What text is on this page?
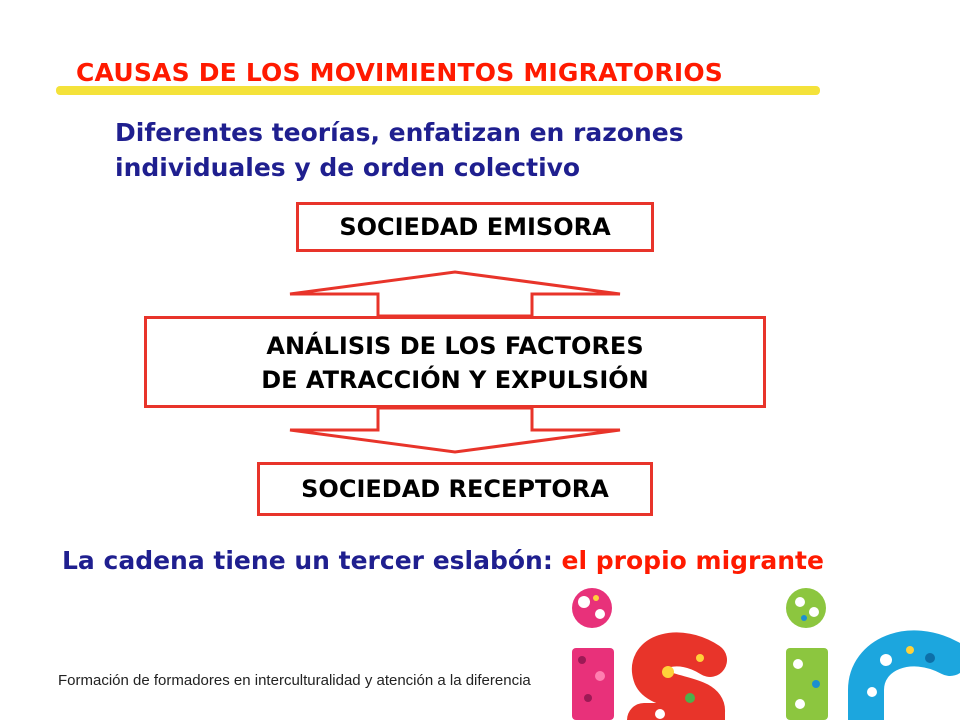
CAUSAS DE LOS MOVIMIENTOS MIGRATORIOS
Diferentes teorías, enfatizan en razones
individuales y de orden colectivo
SOCIEDAD EMISORA
ANÁLISIS DE LOS FACTORES
DE ATRACCIÓN Y EXPULSIÓN
SOCIEDAD RECEPTORA
La cadena tiene un tercer eslabón: el propio migrante
Formación de formadores en interculturalidad y atención a la diferencia
